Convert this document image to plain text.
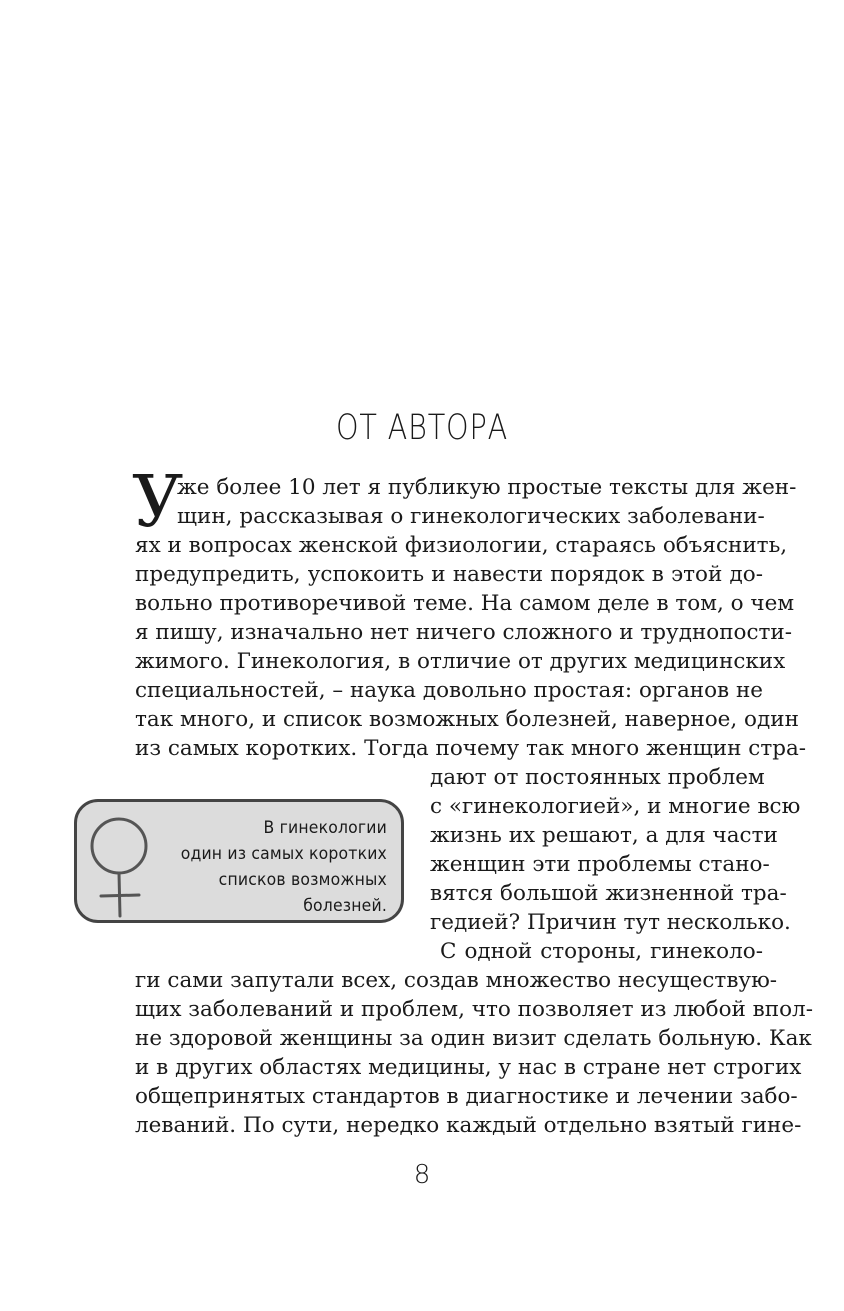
ОТ АВТОРА
У
же более 10 лет я публикую простые тексты для жен-
щин, рассказывая о гинекологических заболевани-
ях и вопросах женской физиологии, стараясь объяснить,
предупредить, успокоить и навести порядок в этой до-
вольно противоречивой теме. На самом деле в том, о чем
я пишу, изначально нет ничего сложного и труднопости-
жимого. Гинекология, в отличие от других медицинских
специальностей, – наука довольно простая: органов не
так много, и список возможных болезней, наверное, один
из самых коротких. Тогда почему так много женщин стра-
дают от постоянных проблем
с «гинекологией», и многие всю
жизнь их решают, а для части
женщин эти проблемы стано-
вятся большой жизненной тра-
гедией? Причин тут несколько.
С одной стороны, гинеколо-
ги сами запутали всех, создав множество несуществую-
щих заболеваний и проблем, что позволяет из любой впол-
не здоровой женщины за один визит сделать больную. Как
и в других областях медицины, у нас в стране нет строгих
общепринятых стандартов в диагностике и лечении забо-
леваний. По сути, нередко каждый отдельно взятый гине-
В гинекологии
один из самых коротких
списков возможных
болезней.
8
